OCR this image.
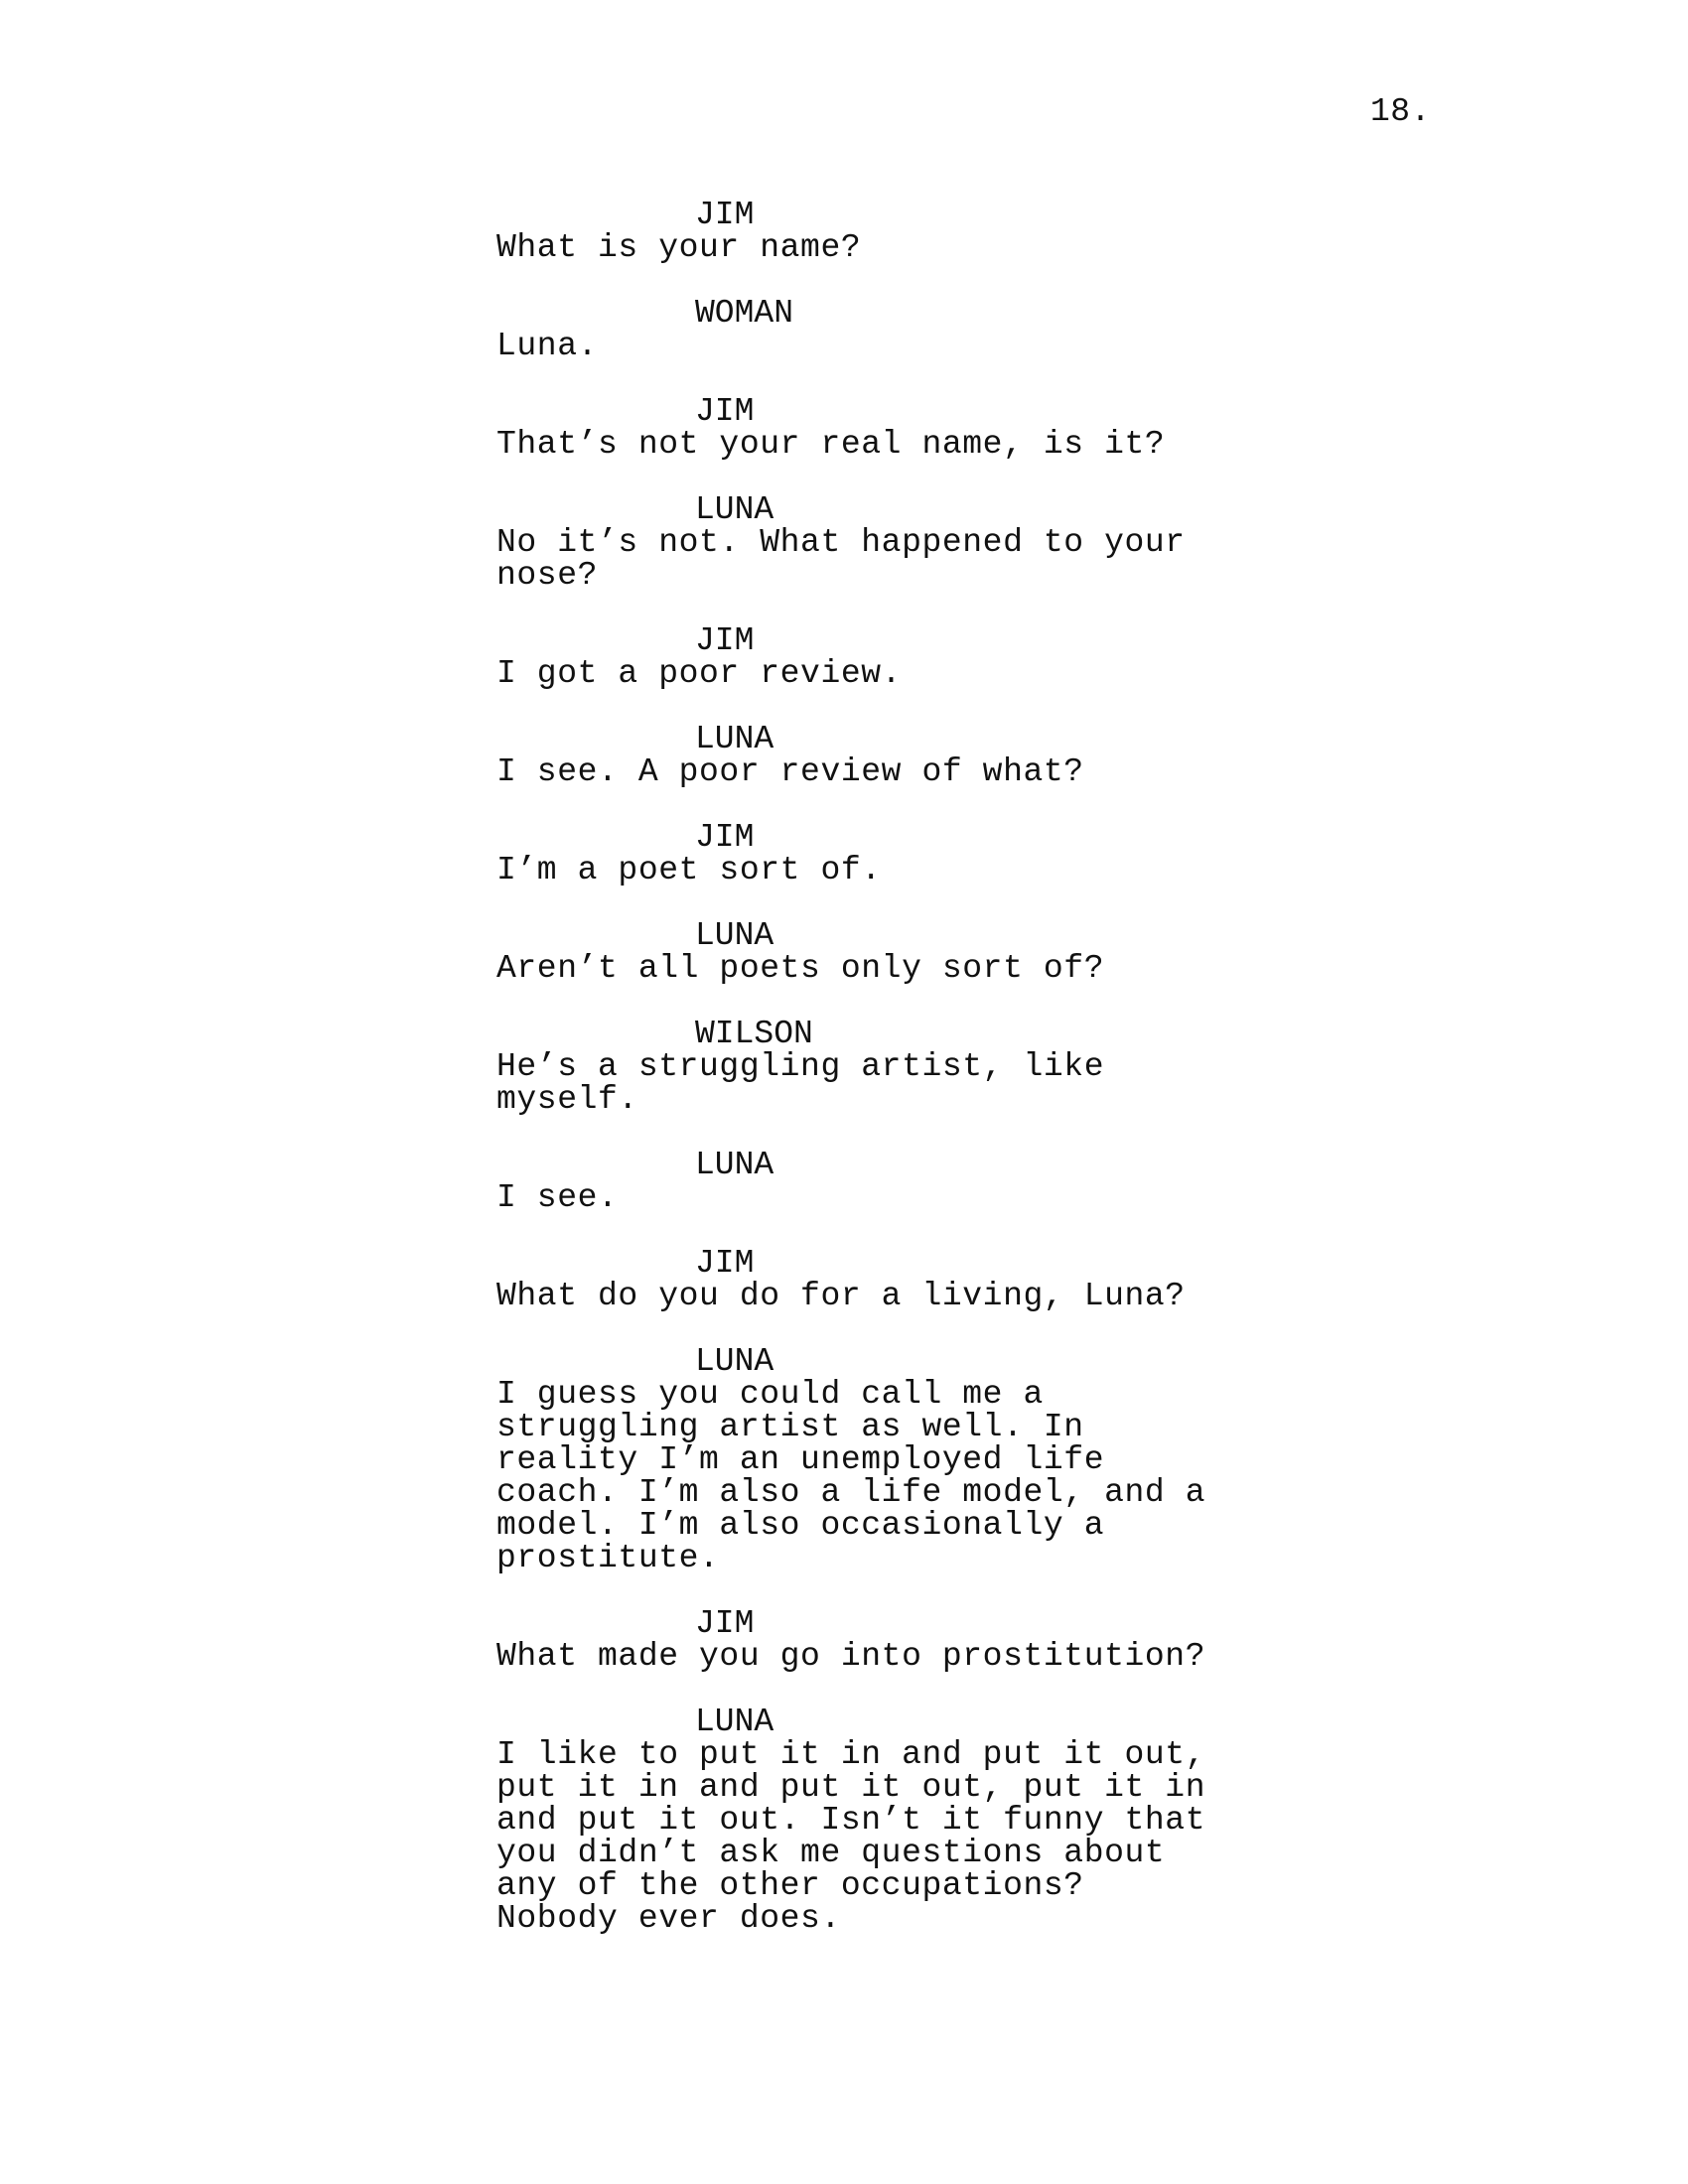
18.
JIM
What is your name?
WOMAN
Luna.
JIM
That’s not your real name, is it?
LUNA
No it’s not. What happened to your
nose?
JIM
I got a poor review.
LUNA
I see. A poor review of what?
JIM
I’m a poet sort of.
LUNA
Aren’t all poets only sort of?
WILSON
He’s a struggling artist, like
myself.
LUNA
I see.
JIM
What do you do for a living, Luna?
LUNA
I guess you could call me a
struggling artist as well. In
reality I’m an unemployed life
coach. I’m also a life model, and a
model. I’m also occasionally a
prostitute.
JIM
What made you go into prostitution?
LUNA
I like to put it in and put it out,
put it in and put it out, put it in
and put it out. Isn’t it funny that
you didn’t ask me questions about
any of the other occupations?
Nobody ever does.
